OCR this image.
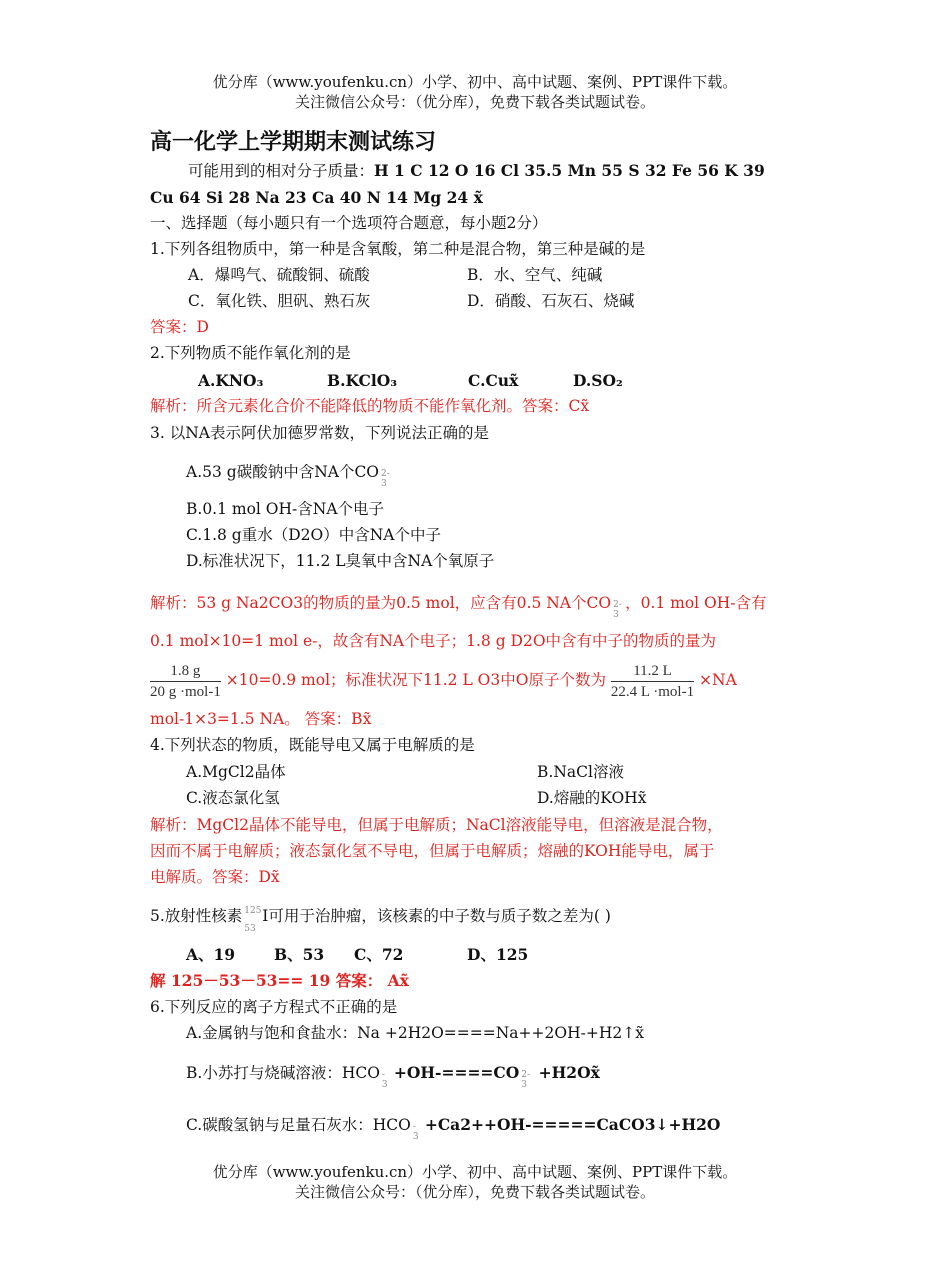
优分库（www.youfenku.cn）小学、初中、高中试题、案例、PPT课件下载。
关注微信公众号：（优分库），免费下载各类试题试卷。
高一化学上学期期末测试练习
可能用到的相对分子质量：H 1 C 12 O 16 Cl 35.5 Mn 55 S 32 Fe 56 K 39
Cu 64 Si 28 Na 23 Ca 40 N 14 Mg 24 x̃
一、选择题（每小题只有一个选项符合题意，每小题2分）
1.下列各组物质中，第一种是含氧酸，第二种是混合物，第三种是碱的是
A．爆鸣气、硫酸铜、硫酸	B．水、空气、纯碱
C．氧化铁、胆矾、熟石灰	D．硝酸、石灰石、烧碱
答案：D
2.下列物质不能作氧化剂的是
A.KNO₃	B.KClO₃	C.Cux̃	D.SO₂
解析：所含元素化合价不能降低的物质不能作氧化剂。答案：Cx̃
3. 以NA表示阿伏加德罗常数，下列说法正确的是
A.53 g碳酸钠中含NA个CO 2-
3
B.0.1 mol OH-含NA个电子
C.1.8 g重水（D2O）中含NA个中子
D.标准状况下，11.2 L臭氧中含NA个氧原子
解析：53 g Na2CO3的物质的量为0.5 mol，应含有0.5 NA个CO 2-
3
，0.1 mol OH-含有
0.1 mol×10=1 mol e-，故含有NA个电子；1.8 g D2O中含有中子的物质的量为
$\frac{1.8 g}{\text{20 g ·mol-1}} \times 10=0.9$ mol；标准状况下11.2 L O3中O原子个数为 $\frac{11.2 L}{\text{22.4 L ·mol-1}} \times NA$
mol-1×3=1.5 NA。 答案：Bx̃
4.下列状态的物质，既能导电又属于电解质的是
A.MgCl2晶体	B.NaCl溶液
C.液态氯化氢	D.熔融的KOHx̃
解析：MgCl2晶体不能导电，但属于电解质；NaCl溶液能导电，但溶液是混合物，
因而不属于电解质；液态氯化氢不导电，但属于电解质；熔融的KOH能导电，属于
电解质。答案：Dx̃
5.放射性核素 125
53
I可用于治肿瘤，该核素的中子数与质子数之差为( )
A、19	B、53 C、72	D、125
解 125－53－53== 19 答案： Ax̃
6.下列反应的离子方程式不正确的是
A.金属钠与饱和食盐水：Na +2H2O====Na++2OH-+H2↑x̃
B.小苏打与烧碱溶液：HCO -
3
+OH-====CO 2-
3
+H2Ox̃
C.碳酸氢钠与足量石灰水：HCO -
3
+Ca2++OH-=====CaCO3↓+H2O
优分库（www.youfenku.cn）小学、初中、高中试题、案例、PPT课件下载。
关注微信公众号：（优分库），免费下载各类试题试卷。
